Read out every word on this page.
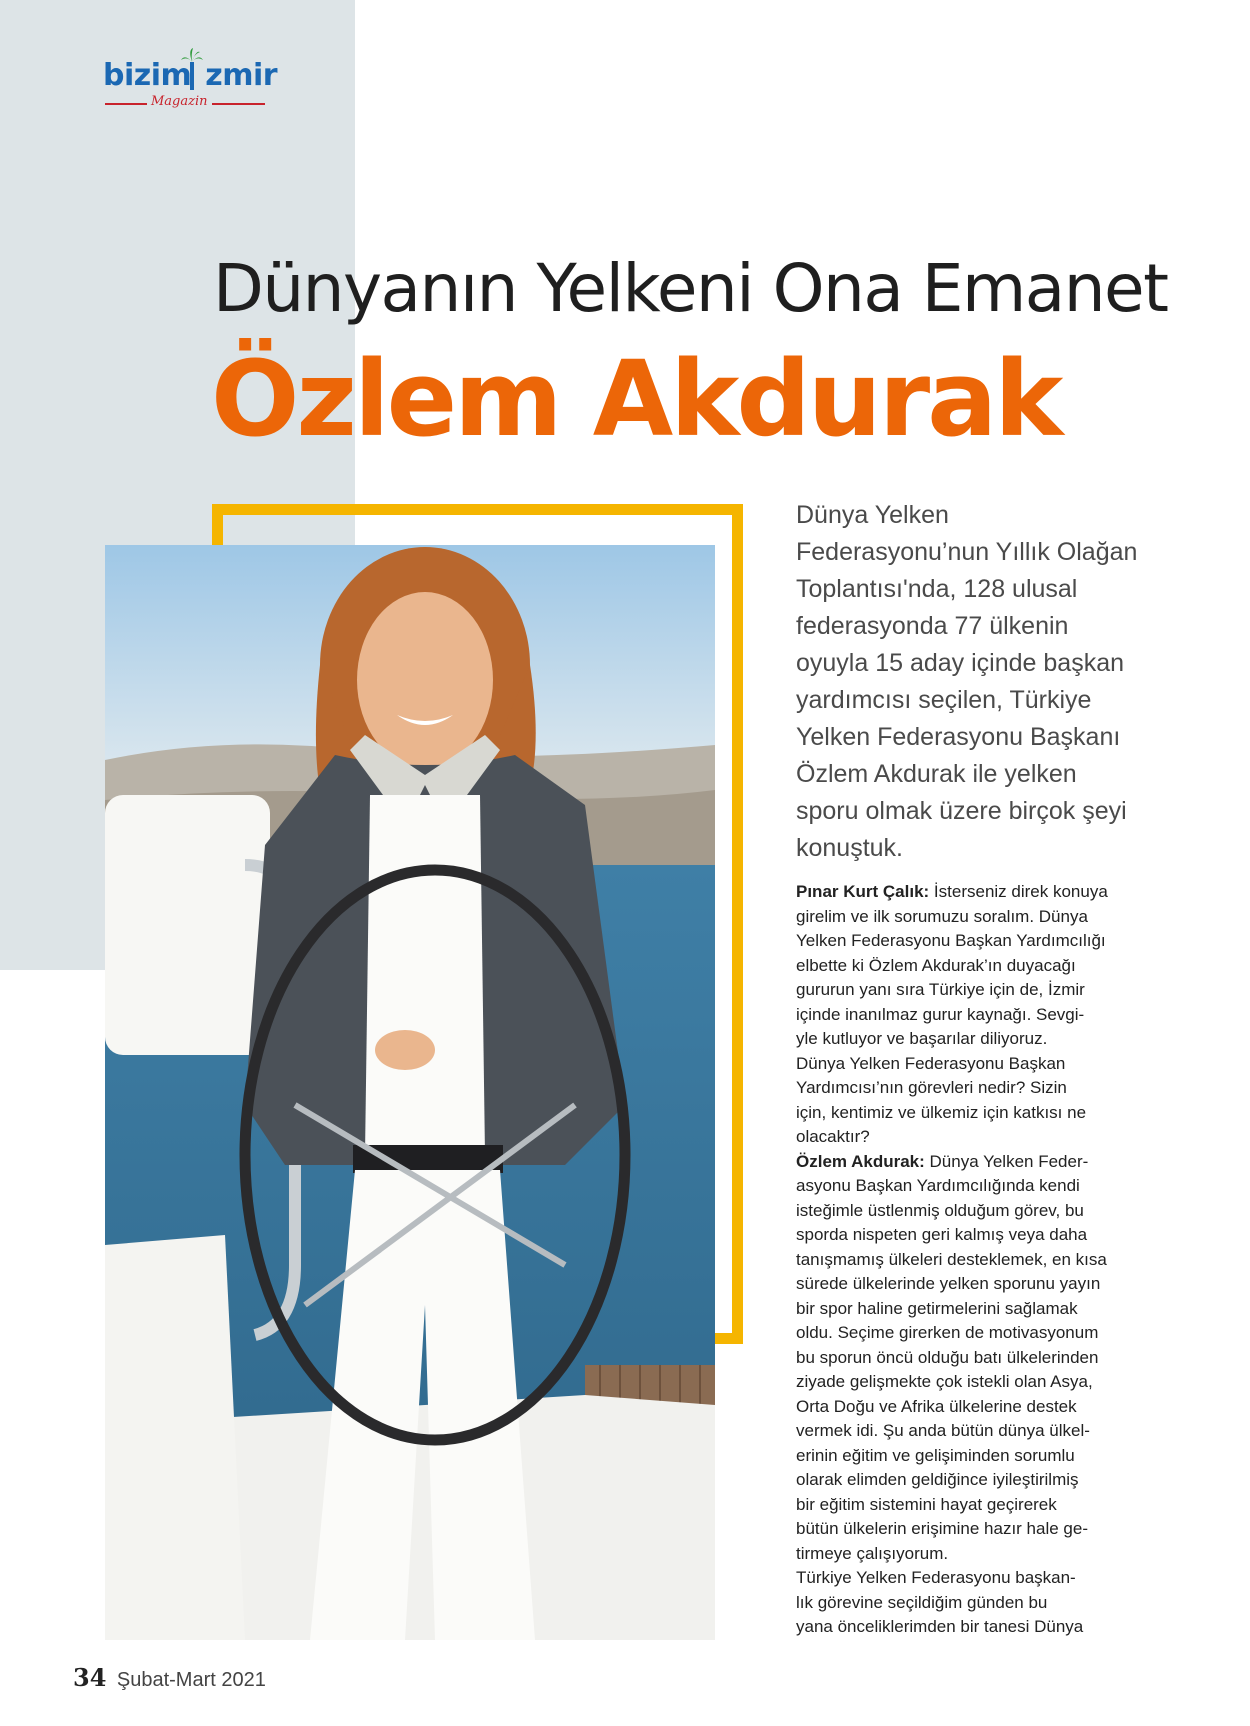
bizim zmir
Magazin
Dünyanın Yelkeni Ona Emanet
Özlem Akdurak
Dünya Yelken
Federasyonu’nun Yıllık Olağan
Toplantısı'nda, 128 ulusal
federasyonda 77 ülkenin
oyuyla 15 aday içinde başkan
yardımcısı seçilen, Türkiye
Yelken Federasyonu Başkanı
Özlem Akdurak ile yelken
sporu olmak üzere birçok şeyi
konuştuk.
Pınar Kurt Çalık: İsterseniz direk konuya
girelim ve ilk sorumuzu soralım. Dünya
Yelken Federasyonu Başkan Yardımcılığı
elbette ki Özlem Akdurak’ın duyacağı
gururun yanı sıra Türkiye için de, İzmir
içinde inanılmaz gurur kaynağı. Sevgi-
yle kutluyor ve başarılar diliyoruz.
Dünya Yelken Federasyonu Başkan
Yardımcısı’nın görevleri nedir? Sizin
için, kentimiz ve ülkemiz için katkısı ne
olacaktır?
Özlem Akdurak: Dünya Yelken Feder-
asyonu Başkan Yardımcılığında kendi
isteğimle üstlenmiş olduğum görev, bu
sporda nispeten geri kalmış veya daha
tanışmamış ülkeleri desteklemek, en kısa
sürede ülkelerinde yelken sporunu yayın
bir spor haline getirmelerini sağlamak
oldu. Seçime girerken de motivasyonum
bu sporun öncü olduğu batı ülkelerinden
ziyade gelişmekte çok istekli olan Asya,
Orta Doğu ve Afrika ülkelerine destek
vermek idi. Şu anda bütün dünya ülkel-
erinin eğitim ve gelişiminden sorumlu
olarak elimden geldiğince iyileştirilmiş
bir eğitim sistemini hayat geçirerek
bütün ülkelerin erişimine hazır hale ge-
tirmeye çalışıyorum.
Türkiye Yelken Federasyonu başkan-
lık görevine seçildiğim günden bu
yana önceliklerimden bir tanesi Dünya
34 Şubat-Mart 2021
